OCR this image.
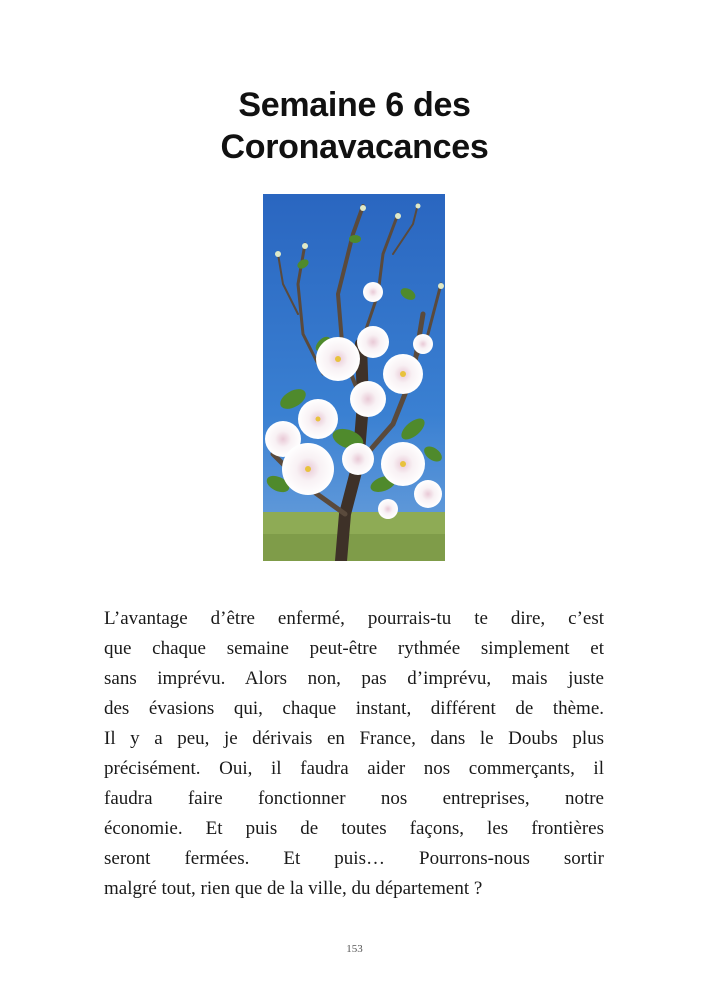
Semaine 6 des
Coronavacances
L’avantage d’être enfermé, pourrais-tu te dire, c’est
que chaque semaine peut-être rythmée simplement et
sans imprévu. Alors non, pas d’imprévu, mais juste
des évasions qui, chaque instant, différent de thème.
Il y a peu, je dérivais en France, dans le Doubs plus
précisément. Oui, il faudra aider nos commerçants, il
faudra faire fonctionner nos entreprises, notre
économie. Et puis de toutes façons, les frontières
seront fermées. Et puis… Pourrons-nous sortir
malgré tout, rien que de la ville, du département ?
153
